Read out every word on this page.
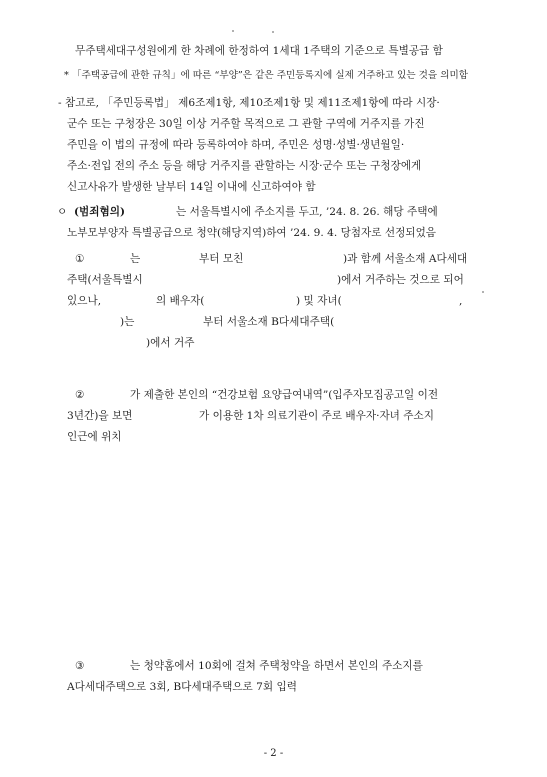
무주택세대구성원에게 한 차례에 한정하여 1세대 1주택의 기준으로 특별공급 함
* 「주택공급에 관한 규칙」에 따른 “부양”은 같은 주민등록지에 실제 거주하고 있는 것을 의미함
- 참고로, 「주민등록법」 제6조제1항, 제10조제1항 및 제11조제1항에 따라 시장·
군수 또는 구청장은 30일 이상 거주할 목적으로 그 관할 구역에 거주지를 가진
주민을 이 법의 규정에 따라 등록하여야 하며, 주민은 성명·성별·생년월일·
주소·전입 전의 주소 등을 해당 거주지를 관할하는 시장·군수 또는 구청장에게
신고사유가 발생한 날부터 14일 이내에 신고하여야 함
ㅇ (범죄혐의)	는 서울특별시에 주소지를 두고, ’24. 8. 26. 해당 주택에
노부모부양자 특별공급으로 청약(해당지역)하여 ’24. 9. 4. 당첨자로 선정되었음
①	는	부터 모친	)과 함께 서울소재 A다세대
주택(서울특별시	)에서 거주하는 것으로 되어
있으나,	의 배우자(	) 및 자녀(	,
)는	부터 서울소재 B다세대주택(
)에서 거주
②	가 제출한 본인의 “건강보험 요양급여내역”(입주자모집공고일 이전
3년간)을 보면	가 이용한 1차 의료기관이 주로 배우자·자녀 주소지
인근에 위치
③	는 청약홈에서 10회에 걸쳐 주택청약을 하면서 본인의 주소지를
A다세대주택으로 3회, B다세대주택으로 7회 입력
- 2 -
